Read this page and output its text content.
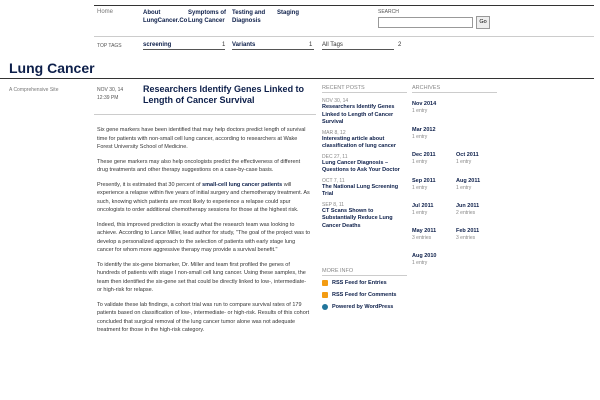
Home	About LungCancer.Co
Symptoms of Lung Cancer
Testing and Diagnosis
Staging	SEARCH
Go
TOP TAGS	screening	1 Variants	1 All Tags	2
Lung Cancer
A Comprehensive Site	NOV 30, 14
12:39 PM
Researchers Identify Genes Linked to Length of Cancer Survival

Six gene markers have been identified that may help doctors predict length of survival time for patients with non-small cell lung cancer, according to researchers at Wake Forest University School of Medicine.

These gene markers may also help oncologists predict the effectiveness of different drug treatments and other therapy suggestions on a case-by-case basis.

Presently, it is estimated that 30 percent of small-cell lung cancer patients will experience a relapse within five years of initial surgery and chemotherapy treatment. As such, knowing which patients are most likely to experience a relapse could spur oncologists to order additional chemotherapy sessions for those at the highest risk.

Indeed, this improved prediction is exactly what the research team was looking to achieve. According to Lance Miller, lead author for study, "The goal of the project was to develop a personalized approach to the selection of patients with early stage lung cancer for whom more aggressive therapy may provide a survival benefit."

To identify the six-gene biomarker, Dr. Miller and team first profiled the genes of hundreds of patients with stage I non-small cell lung cancer. Using these samples, the team then identified the six-gene set that could be directly linked to low-, intermediate- or high-risk for relapse.

To validate these lab findings, a cohort trial was run to compare survival rates of 179 patients based on classification of low-, intermediate- or high-risk. Results of this cohort concluded that surgical removal of the lung cancer tumor alone was not adequate treatment for those in the high-risk category.

RECENT POSTS
NOV 30, 14
Researchers Identify Genes Linked to Length of Cancer Survival
MAR 8, 12
Interesting article about classification of lung cancer
DEC 27, 11
Lung Cancer Diagnosis – Questions to Ask Your Doctor
OCT 7, 11
The National Lung Screening Trial
SEP 8, 11
CT Scans Shown to Substantially Reduce Lung Cancer Deaths
MORE INFO
RSS Feed for Entries
RSS Feed for Comments
Powered by WordPress
ARCHIVES
Nov 2014
1 entry
Mar 2012
1 entry
Dec 2011
1 entry
Sep 2011
1 entry
Jul 2011
1 entry
May 2011
3 entries
Aug 2010
1 entry
Oct 2011
1 entry
Aug 2011
1 entry
Jun 2011
2 entries
Feb 2011
3 entries
